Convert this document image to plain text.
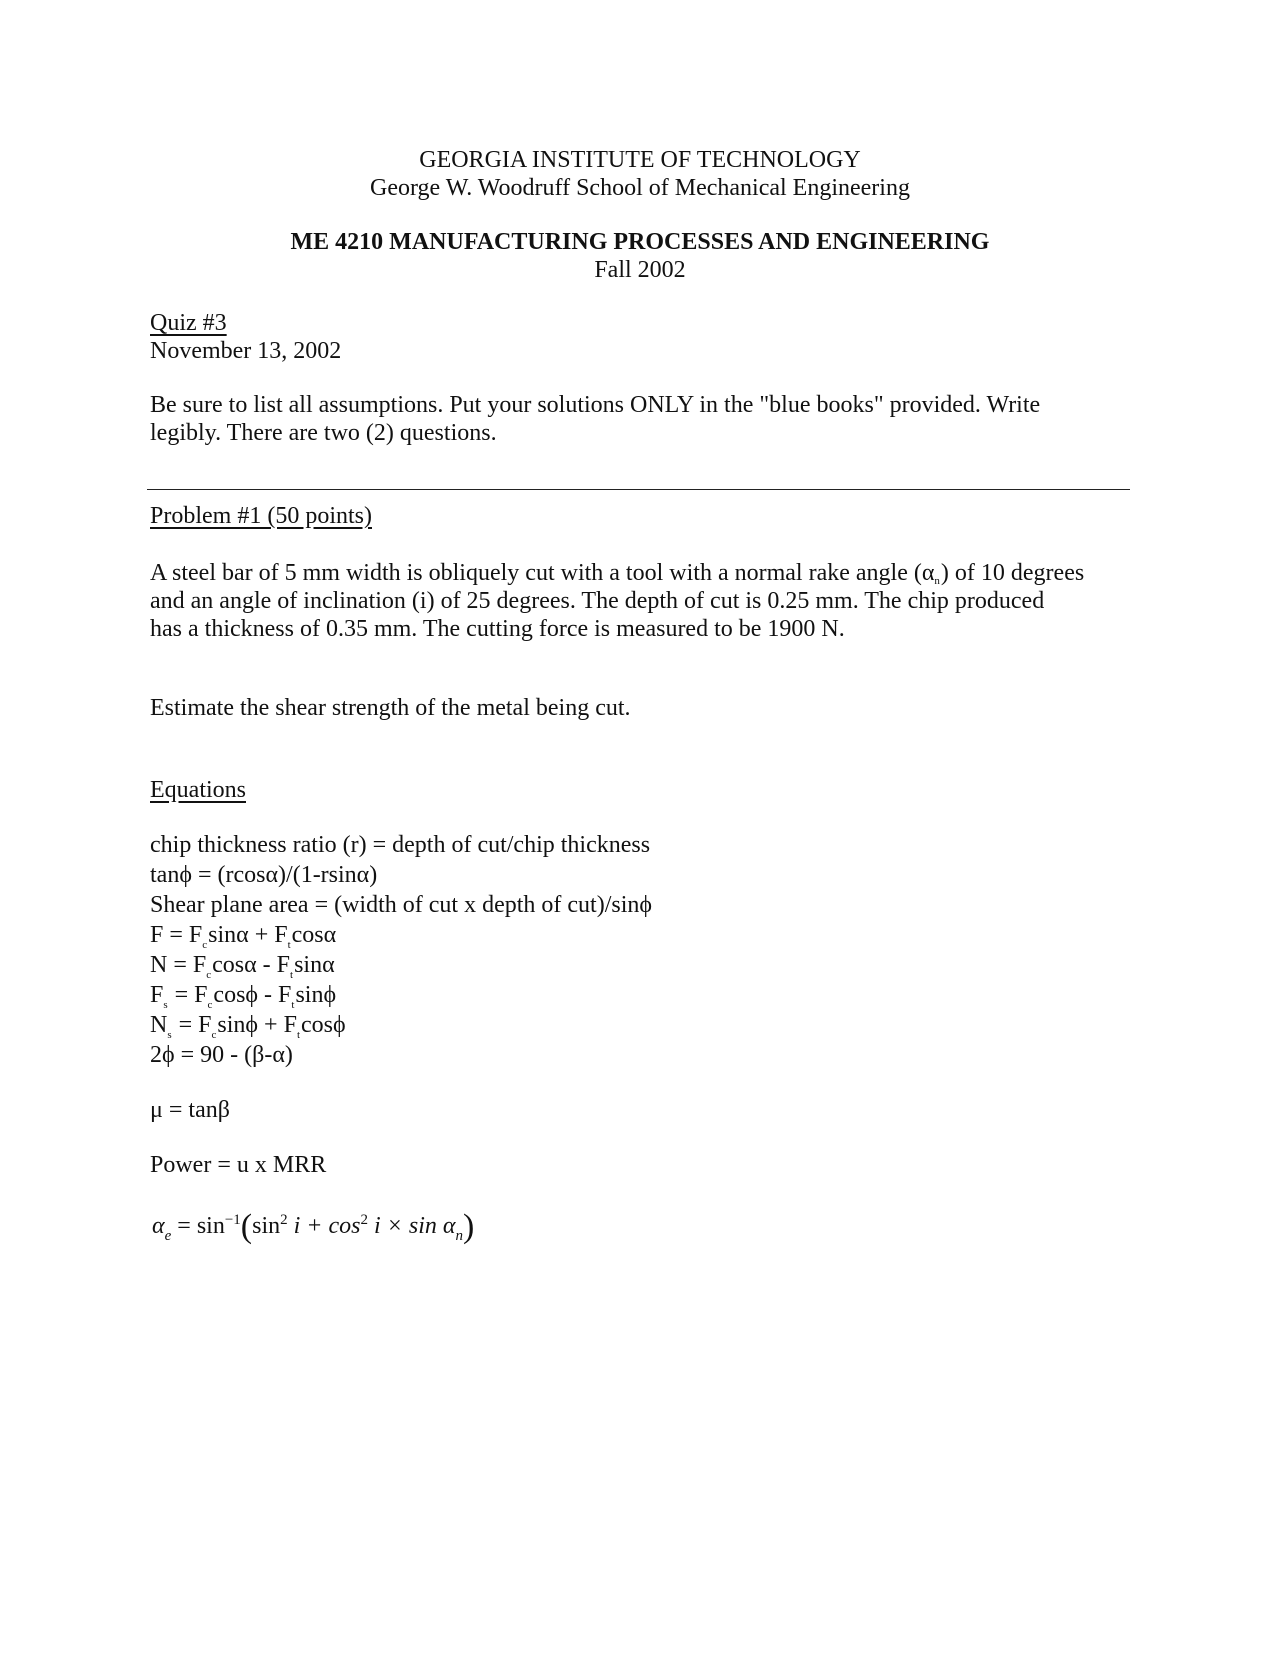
GEORGIA INSTITUTE OF TECHNOLOGY
George W. Woodruff School of Mechanical Engineering
ME 4210 MANUFACTURING PROCESSES AND ENGINEERING
Fall 2002
Quiz #3
November 13, 2002
Be sure to list all assumptions. Put your solutions ONLY in the "blue books" provided. Write
legibly. There are two (2) questions.
Problem #1 (50 points)
A steel bar of 5 mm width is obliquely cut with a tool with a normal rake angle (αn) of 10 degrees
and an angle of inclination (i) of 25 degrees. The depth of cut is 0.25 mm. The chip produced
has a thickness of 0.35 mm. The cutting force is measured to be 1900 N.
Estimate the shear strength of the metal being cut.
Equations
chip thickness ratio (r) = depth of cut/chip thickness
tanϕ = (rcosα)/(1-rsinα)
Shear plane area = (width of cut x depth of cut)/sinϕ
$F = F_c\sin\alpha + F_t\cos\alpha$
$N = F_c\cos\alpha - F_t\sin\alpha$
$F_s = F_c\cos\phi - F_t\sin\phi$
$N_s = F_c\sin\phi + F_t\cos\phi$
2ϕ = 90 - (β-α)
μ = tanβ
Power = u x MRR
$\alpha_e = \sin^{-1}(\sin^2$ $i + \cos^2 i \times \sin \alpha_n$)
